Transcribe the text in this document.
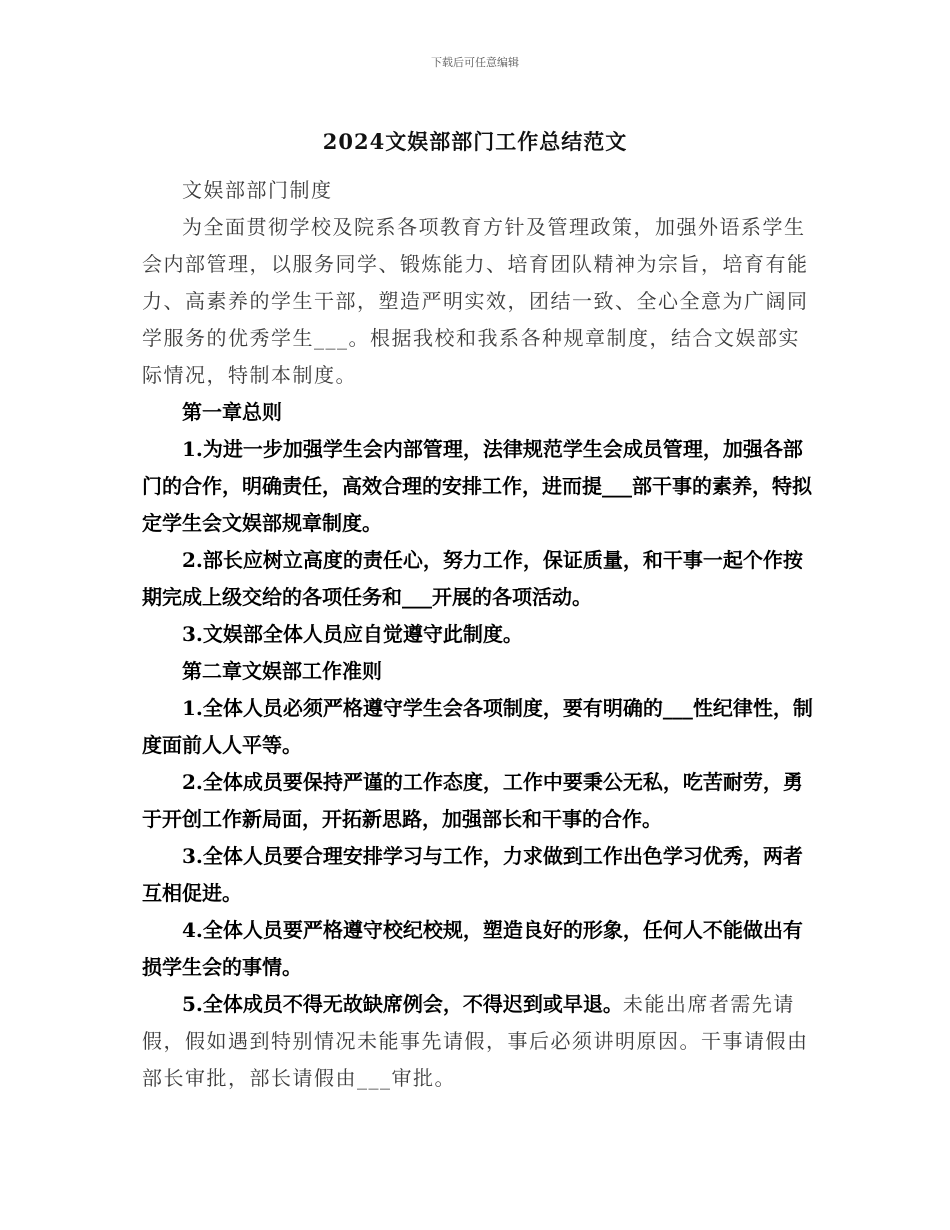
下载后可任意编辑
2024文娱部部门工作总结范文

文娱部部门制度

为全面贯彻学校及院系各项教育方针及管理政策，加强外语系学生会内部管理，以服务同学、锻炼能力、培育团队精神为宗旨，培育有能力、高素养的学生干部，塑造严明实效，团结一致、全心全意为广阔同学服务的优秀学生___。根据我校和我系各种规章制度，结合文娱部实际情况，特制本制度。

第一章总则

1.为进一步加强学生会内部管理，法律规范学生会成员管理，加强各部门的合作，明确责任，高效合理的安排工作，进而提___部干事的素养，特拟定学生会文娱部规章制度。

2.部长应树立高度的责任心，努力工作，保证质量，和干事一起个作按期完成上级交给的各项任务和___开展的各项活动。

3.文娱部全体人员应自觉遵守此制度。

第二章文娱部工作准则

1.全体人员必须严格遵守学生会各项制度，要有明确的___性纪律性，制度面前人人平等。

2.全体成员要保持严谨的工作态度，工作中要秉公无私，吃苦耐劳，勇于开创工作新局面，开拓新思路，加强部长和干事的合作。

3.全体人员要合理安排学习与工作，力求做到工作出色学习优秀，两者互相促进。

4.全体人员要严格遵守校纪校规，塑造良好的形象，任何人不能做出有损学生会的事情。

5.全体成员不得无故缺席例会，不得迟到或早退。未能出席者需先请假，假如遇到特别情况未能事先请假，事后必须讲明原因。干事请假由部长审批，部长请假由___审批。
